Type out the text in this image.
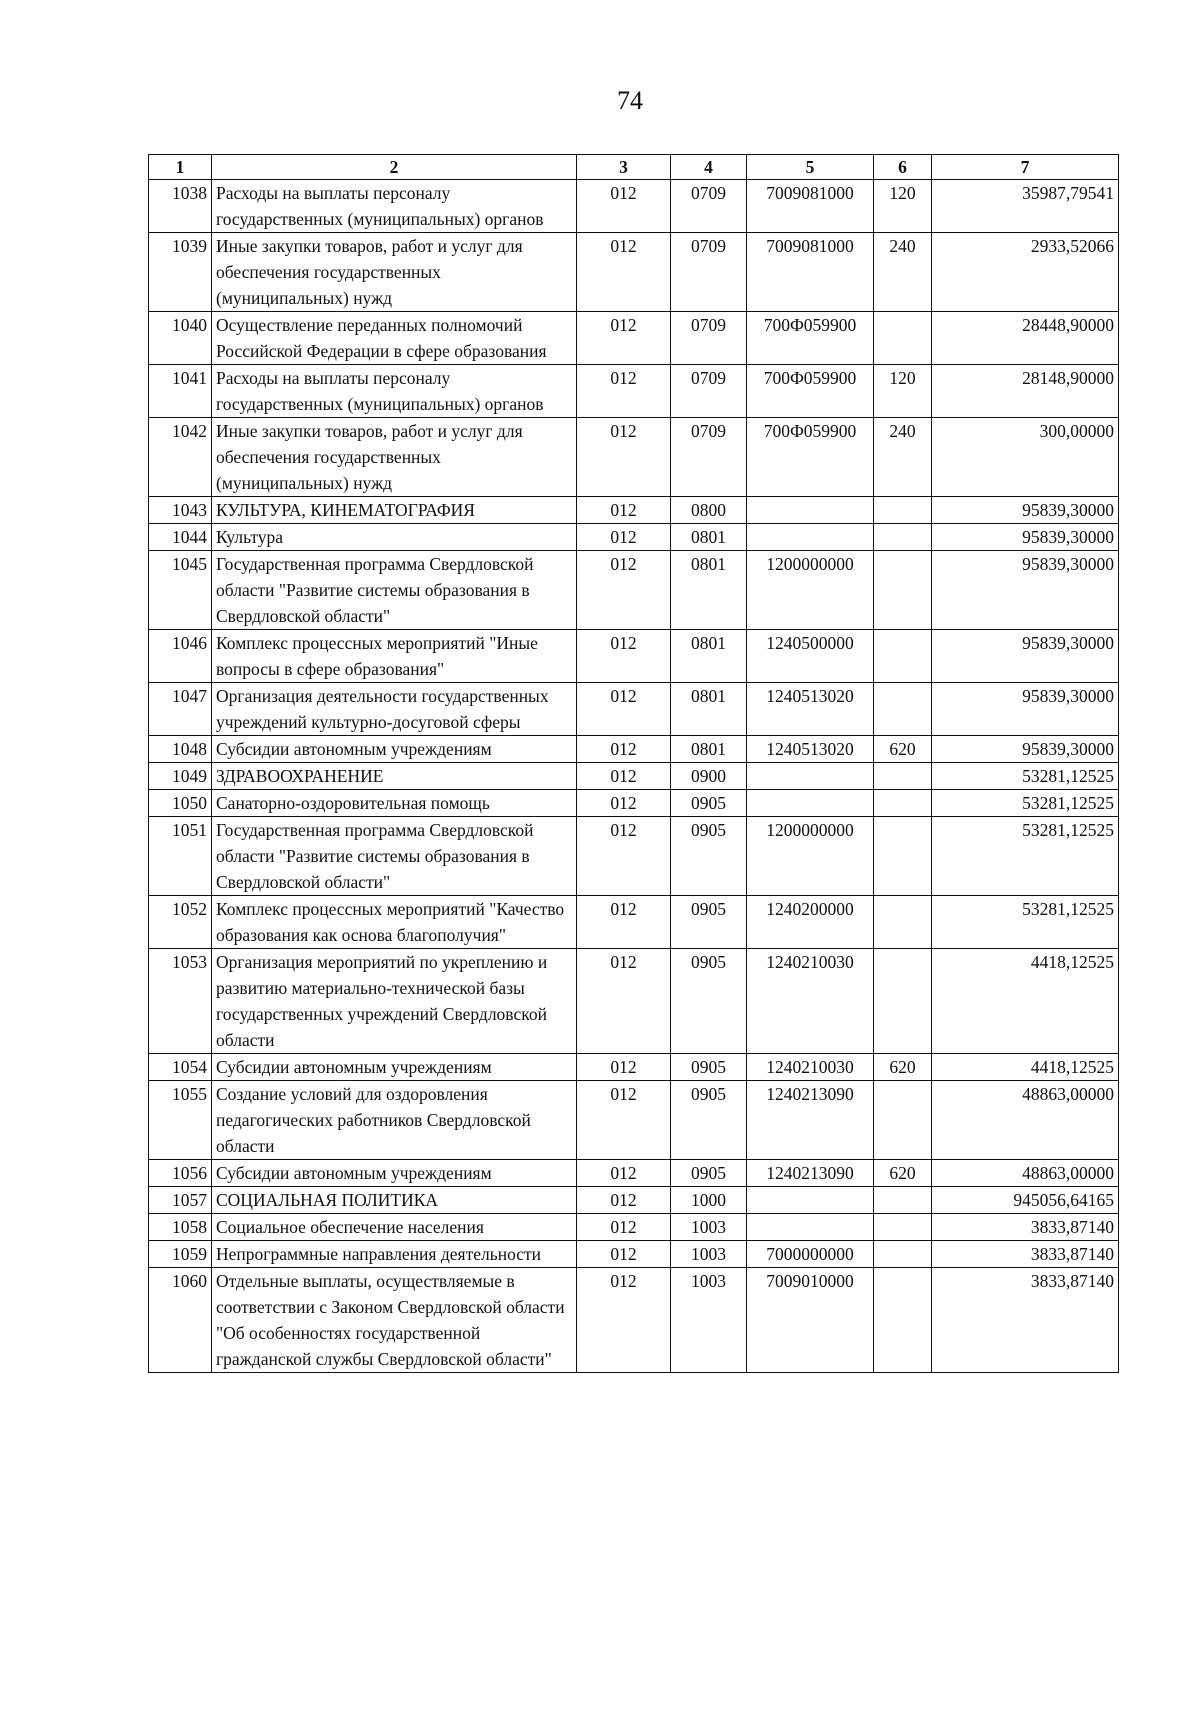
74
1	2	3	4	5	6	7
1038	Расходы на выплаты персоналу государственных (муниципальных) органов	012	0709	7009081000	120	35987,79541
1039	Иные закупки товаров, работ и услуг для обеспечения государственных (муниципальных) нужд	012	0709	7009081000	240	2933,52066
1040	Осуществление переданных полномочий Российской Федерации в сфере образования	012	0709	700Ф059900		28448,90000
1041	Расходы на выплаты персоналу государственных (муниципальных) органов	012	0709	700Ф059900	120	28148,90000
1042	Иные закупки товаров, работ и услуг для обеспечения государственных (муниципальных) нужд	012	0709	700Ф059900	240	300,00000
1043	КУЛЬТУРА, КИНЕМАТОГРАФИЯ	012	0800			95839,30000
1044	Культура	012	0801			95839,30000
1045	Государственная программа Свердловской области "Развитие системы образования в Свердловской области"	012	0801	1200000000		95839,30000
1046	Комплекс процессных мероприятий "Иные вопросы в сфере образования"	012	0801	1240500000		95839,30000
1047	Организация деятельности государственных учреждений культурно-досуговой сферы	012	0801	1240513020		95839,30000
1048	Субсидии автономным учреждениям	012	0801	1240513020	620	95839,30000
1049	ЗДРАВООХРАНЕНИЕ	012	0900			53281,12525
1050	Санаторно-оздоровительная помощь	012	0905			53281,12525
1051	Государственная программа Свердловской области "Развитие системы образования в Свердловской области"	012	0905	1200000000		53281,12525
1052	Комплекс процессных мероприятий "Качество образования как основа благополучия"	012	0905	1240200000		53281,12525
1053	Организация мероприятий по укреплению и развитию материально-технической базы государственных учреждений Свердловской области	012	0905	1240210030		4418,12525
1054	Субсидии автономным учреждениям	012	0905	1240210030	620	4418,12525
1055	Создание условий для оздоровления педагогических работников Свердловской области	012	0905	1240213090		48863,00000
1056	Субсидии автономным учреждениям	012	0905	1240213090	620	48863,00000
1057	СОЦИАЛЬНАЯ ПОЛИТИКА	012	1000			945056,64165
1058	Социальное обеспечение населения	012	1003			3833,87140
1059	Непрограммные направления деятельности	012	1003	7000000000		3833,87140
1060	Отдельные выплаты, осуществляемые в соответствии с Законом Свердловской области "Об особенностях государственной гражданской службы Свердловской области"	012	1003	7009010000		3833,87140
